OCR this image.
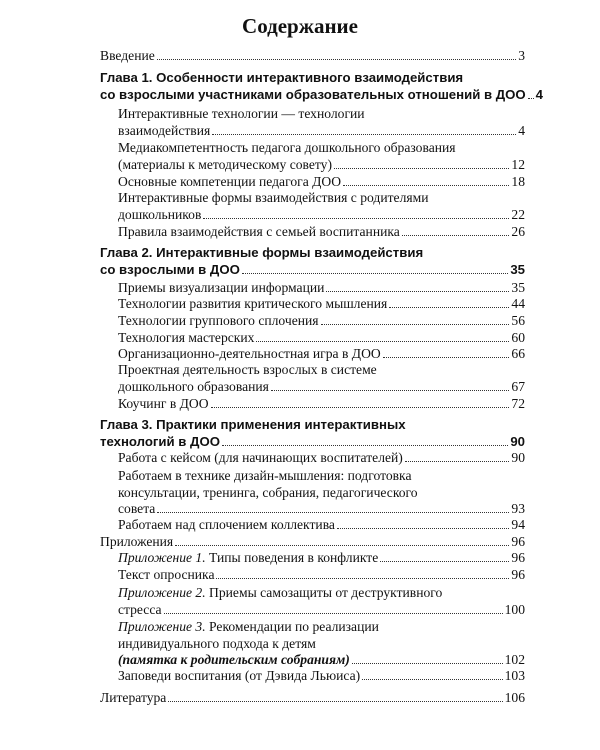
Содержание
Введение	3
Глава 1. Особенности интерактивного взаимодействия
со взрослыми участниками образовательных отношений в ДОО 4
Интерактивные технологии — технологии
взаимодействия	4
Медиакомпетентность педагога дошкольного образования
(материалы к методическому совету)	12
Основные компетенции педагога ДОО	18
Интерактивные формы взаимодействия с родителями
дошкольников	22
Правила взаимодействия с семьей воспитанника	26
Глава 2. Интерактивные формы взаимодействия
со взрослыми в ДОО	35
Приемы визуализации информации	35
Технологии развития критического мышления	44
Технологии группового сплочения	56
Технология мастерских	60
Организационно-деятельностная игра в ДОО	66
Проектная деятельность взрослых в системе
дошкольного образования	67
Коучинг в ДОО	72
Глава 3. Практики применения интерактивных
технологий в ДОО	90
Работа с кейсом (для начинающих воспитателей)	90
Работаем в технике дизайн-мышления: подготовка
консультации, тренинга, собрания, педагогического
совета	93
Работаем над сплочением коллектива	94
Приложения	96
Приложение 1. Типы поведения в конфликте	96
Текст опросника	96
Приложение 2. Приемы самозащиты от деструктивного
стресса	100
Приложение 3. Рекомендации по реализации
индивидуального подхода к детям
(памятка к родительским собраниям)	102
Заповеди воспитания (от Дэвида Льюиса)	103
Литература	106
